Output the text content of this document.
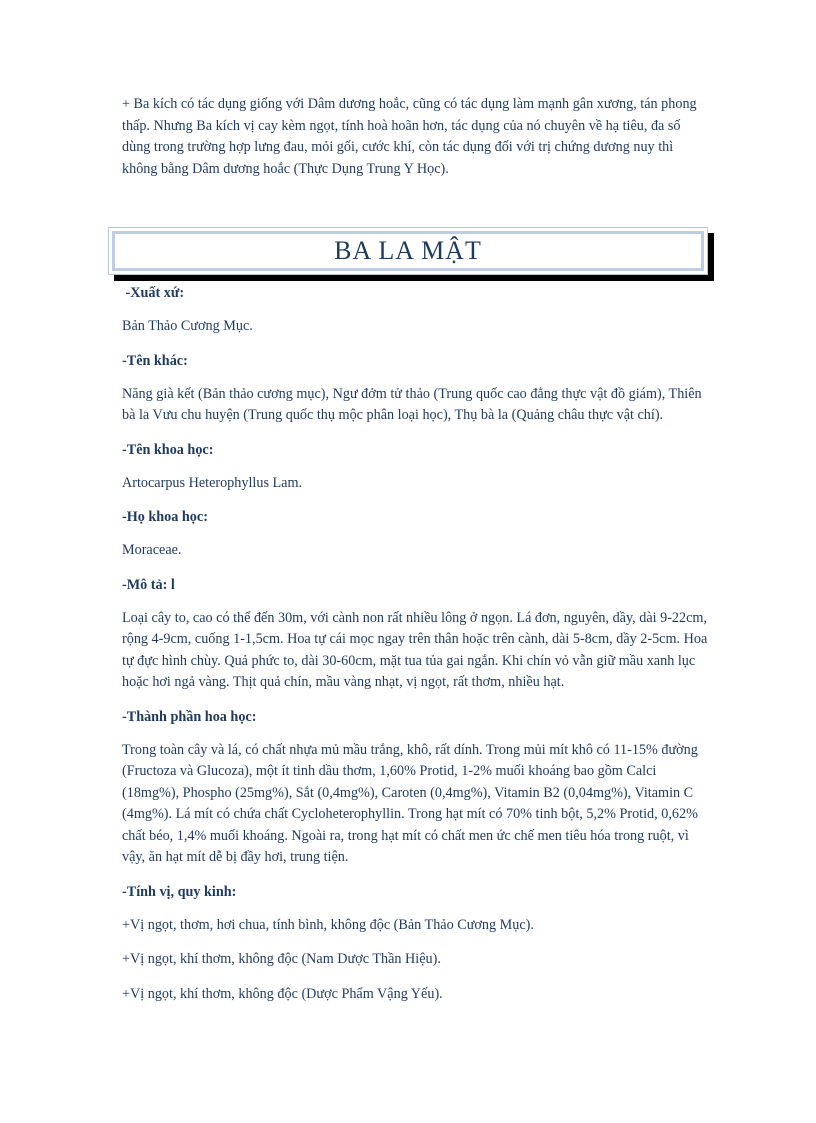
+ Ba kích có tác dụng giống với Dâm dương hoắc, cũng có tác dụng làm mạnh gân xương, tán phong thấp. Nhưng Ba kích vị cay kèm ngọt, tính hoà hoãn hơn, tác dụng của nó chuyên về hạ tiêu, đa số dùng trong trường hợp lưng đau, mỏi gối, cước khí, còn tác dụng đối với trị chứng dương nuy thì không bằng Dâm dương hoắc (Thực Dụng Trung Y Học).

BA LA MẬT

-Xuất xứ:

Bản Thảo Cương Mục.

-Tên khác:

Năng già kết (Bản thảo cương mục), Ngư đởm tử thảo (Trung quốc cao đẳng thực vật đồ giám), Thiên bà la Vưu chu huyện (Trung quốc thụ mộc phân loại học), Thụ bà la (Quảng châu thực vật chí).

-Tên khoa học:

Artocarpus Heterophyllus Lam.

-Họ khoa học:

Moraceae.

-Mô tả: l

Loại cây to, cao có thể đến 30m, với cành non rất nhiều lông ở ngọn. Lá đơn, nguyên, dầy, dài 9-22cm, rộng 4-9cm, cuống 1-1,5cm. Hoa tự cái mọc ngay trên thân hoặc trên cành, dài 5-8cm, dầy 2-5cm. Hoa tự đực hình chùy. Quả phức to, dài 30-60cm, mặt tua tủa gai ngắn. Khi chín vỏ vẫn giữ mầu xanh lục hoặc hơi ngả vàng. Thịt quả chín, mầu vàng nhạt, vị ngọt, rất thơm, nhiều hạt.

-Thành phần hoa học:

Trong toàn cây và lá, có chất nhựa mủ mầu trắng, khô, rất dính. Trong mủi mít khô có 11-15% đường (Fructoza và Glucoza), một ít tinh dầu thơm, 1,60% Protid, 1-2% muối khoáng bao gồm Calci (18mg%), Phospho (25mg%), Sắt (0,4mg%), Caroten (0,4mg%), Vitamin B2 (0,04mg%), Vitamin C (4mg%). Lá mít có chứa chất Cycloheterophyllin. Trong hạt mít có 70% tinh bột, 5,2% Protid, 0,62% chất béo, 1,4% muối khoáng. Ngoài ra, trong hạt mít có chất men ức chế men tiêu hóa trong ruột, vì vậy, ăn hạt mít dễ bị đầy hơi, trung tiện.

-Tính vị, quy kinh:

+Vị ngọt, thơm, hơi chua, tính bình, không độc (Bản Thảo Cương Mục).

+Vị ngọt, khí thơm, không độc (Nam Dược Thần Hiệu).

+Vị ngọt, khí thơm, không độc (Dược Phẩm Vậng Yếu).
